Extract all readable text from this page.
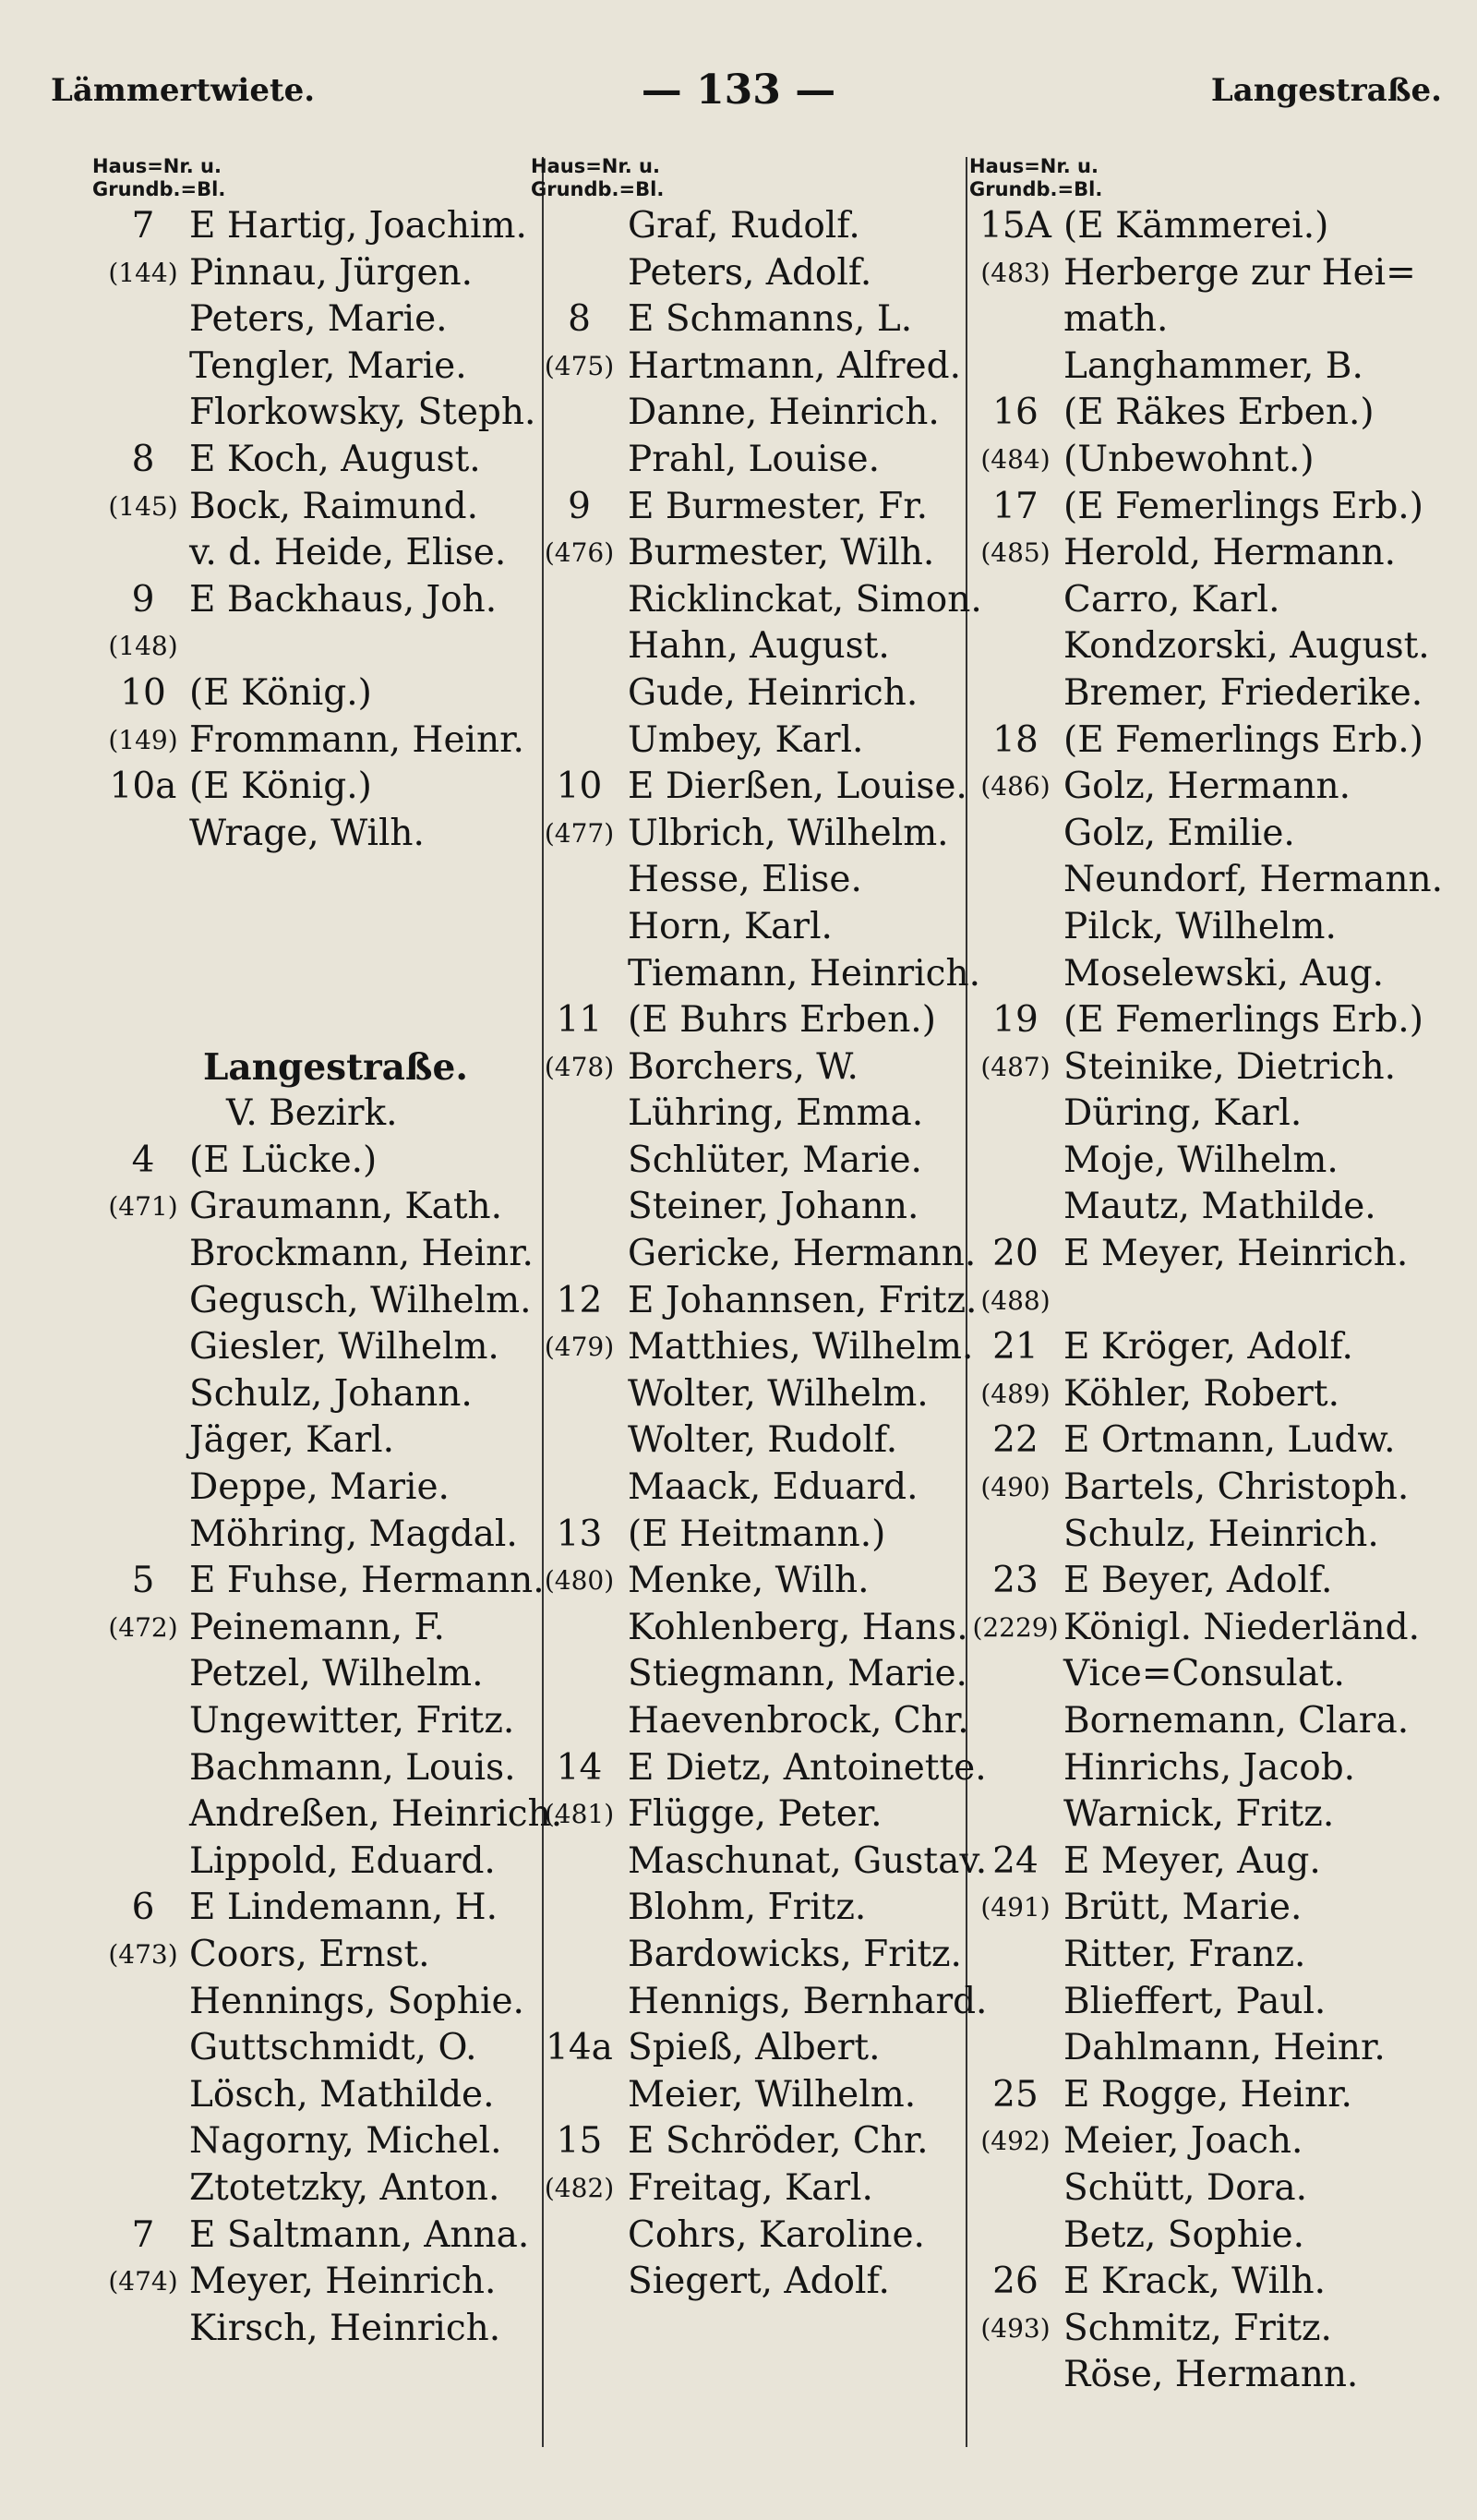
Lämmertwiete.	— 133 —	Langestraße.
Haus=Nr. u.
Grundb.=Bl.
7 E Hartig, Joachim.
(144) Pinnau, Jürgen.
Peters, Marie.
Tengler, Marie.
Florkowsky, Steph.
8 E Koch, August.
(145) Bock, Raimund.
v. d. Heide, Elise.
9 E Backhaus, Joh.
(148)
10 (E König.)
(149) Frommann, Heinr.
10a (E König.)
Wrage, Wilh.
Langestraße.
V. Bezirk.
4 (E Lücke.)
(471) Graumann, Kath.
Brockmann, Heinr.
Gegusch, Wilhelm.
Giesler, Wilhelm.
Schulz, Johann.
Jäger, Karl.
Deppe, Marie.
Möhring, Magdal.
5 E Fuhse, Hermann.
(472) Peinemann, F.
Petzel, Wilhelm.
Ungewitter, Fritz.
Bachmann, Louis.
Andreßen, Heinrich.
Lippold, Eduard.
6 E Lindemann, H.
(473) Coors, Ernst.
Hennings, Sophie.
Guttschmidt, O.
Lösch, Mathilde.
Nagorny, Michel.
Ztotetzky, Anton.
7 E Saltmann, Anna.
(474) Meyer, Heinrich.
Kirsch, Heinrich.
Haus=Nr. u.
Grundb.=Bl.
Graf, Rudolf.
Peters, Adolf.
8	E Schmanns, L.
(475) Hartmann, Alfred.
Danne, Heinrich.
Prahl, Louise.
9	E Burmester, Fr.
(476) Burmester, Wilh.
Ricklinckat, Simon.
Hahn, August.
Gude, Heinrich.
Umbey, Karl.
10 E Dierßen, Louise.
(477) Ulbrich, Wilhelm.
Hesse, Elise.
Horn, Karl.
Tiemann, Heinrich.
11 (E Buhrs Erben.)
(478) Borchers, W.
Lühring, Emma.
Schlüter, Marie.
Steiner, Johann.
Gericke, Hermann.
12 E Johannsen, Fritz.
(479) Matthies, Wilhelm.
Wolter, Wilhelm.
Wolter, Rudolf.
Maack, Eduard.
13 (E Heitmann.)
(480) Menke, Wilh.
Kohlenberg, Hans.
Stiegmann, Marie.
Haevenbrock, Chr.
14 E Dietz, Antoinette.
(481) Flügge, Peter.
Maschunat, Gustav.
Blohm, Fritz.
Bardowicks, Fritz.
Hennigs, Bernhard.
14a Spieß, Albert.
Meier, Wilhelm.
15 E Schröder, Chr.
(482) Freitag, Karl.
Cohrs, Karoline.
Siegert, Adolf.
Haus=Nr. u.
Grundb.=Bl.
15A (E Kämmerei.)
(483) Herberge zur Hei=
math.
Langhammer, B.
16 (E Räkes Erben.)
(484) (Unbewohnt.)
17 (E Femerlings Erb.)
(485) Herold, Hermann.
Carro, Karl.
Kondzorski, August.
Bremer, Friederike.
18 (E Femerlings Erb.)
(486) Golz, Hermann.
Golz, Emilie.
Neundorf, Hermann.
Pilck, Wilhelm.
Moselewski, Aug.
19 (E Femerlings Erb.)
(487) Steinike, Dietrich.
Düring, Karl.
Moje, Wilhelm.
Mautz, Mathilde.
20 E Meyer, Heinrich.
(488)
21 E Kröger, Adolf.
(489) Köhler, Robert.
22 E Ortmann, Ludw.
(490) Bartels, Christoph.
Schulz, Heinrich.
23 E Beyer, Adolf.
(2229) Königl. Niederländ.
Vice=Consulat.
Bornemann, Clara.
Hinrichs, Jacob.
Warnick, Fritz.
24 E Meyer, Aug.
(491) Brütt, Marie.
Ritter, Franz.
Blieffert, Paul.
Dahlmann, Heinr.
25 E Rogge, Heinr.
(492) Meier, Joach.
Schütt, Dora.
Betz, Sophie.
26 E Krack, Wilh.
(493) Schmitz, Fritz.
Röse, Hermann.
